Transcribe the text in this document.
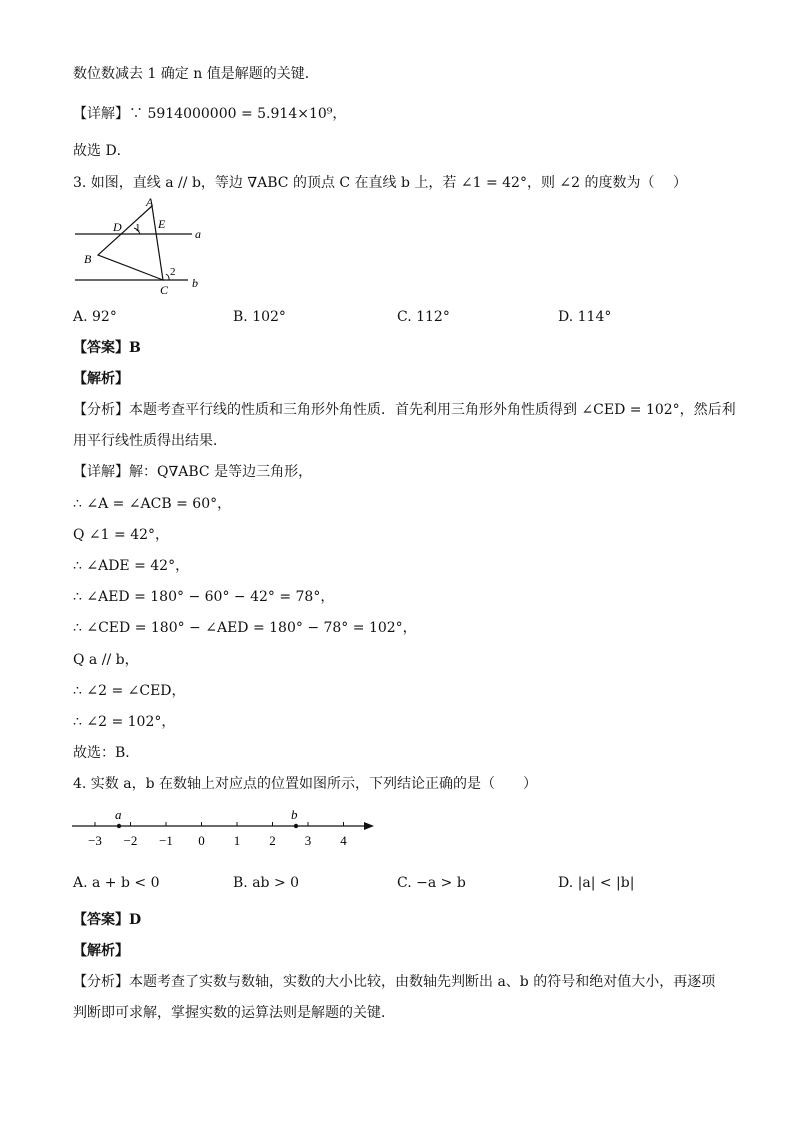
数位数减去 1 确定 n 值是解题的关键．
【详解】∵ 5914000000 = 5.914×10⁹，
故选 D．
3. 如图，直线 a // b，等边 ∇ABC 的顶点 C 在直线 b 上，若 ∠1 = 42°，则 ∠2 的度数为（　 ）
A
D 1 E
a
B
2
C b
A. 92°	B. 102°	C. 112°	D. 114°
【答案】B
【解析】
【分析】本题考查平行线的性质和三角形外角性质．首先利用三角形外角性质得到 ∠CED = 102°，然后利
用平行线性质得出结果．
【详解】解：Q∇ABC 是等边三角形，
∴ ∠A = ∠ACB = 60°，
Q ∠1 = 42°，
∴ ∠ADE = 42°，
∴ ∠AED = 180° − 60° − 42° = 78°，
∴ ∠CED = 180° − ∠AED = 180° − 78° = 102°，
Q a // b，
∴ ∠2 = ∠CED，
∴ ∠2 = 102°，
故选：B．
4. 实数 a，b 在数轴上对应点的位置如图所示，下列结论正确的是（　　）
−3 −2 −1 0 1 2 3 4
a	b
A. a + b < 0	B. ab > 0	C. −a > b	D. |a| < |b|
【答案】D
【解析】
【分析】本题考查了实数与数轴，实数的大小比较，由数轴先判断出 a、b 的符号和绝对值大小，再逐项
判断即可求解，掌握实数的运算法则是解题的关键．
